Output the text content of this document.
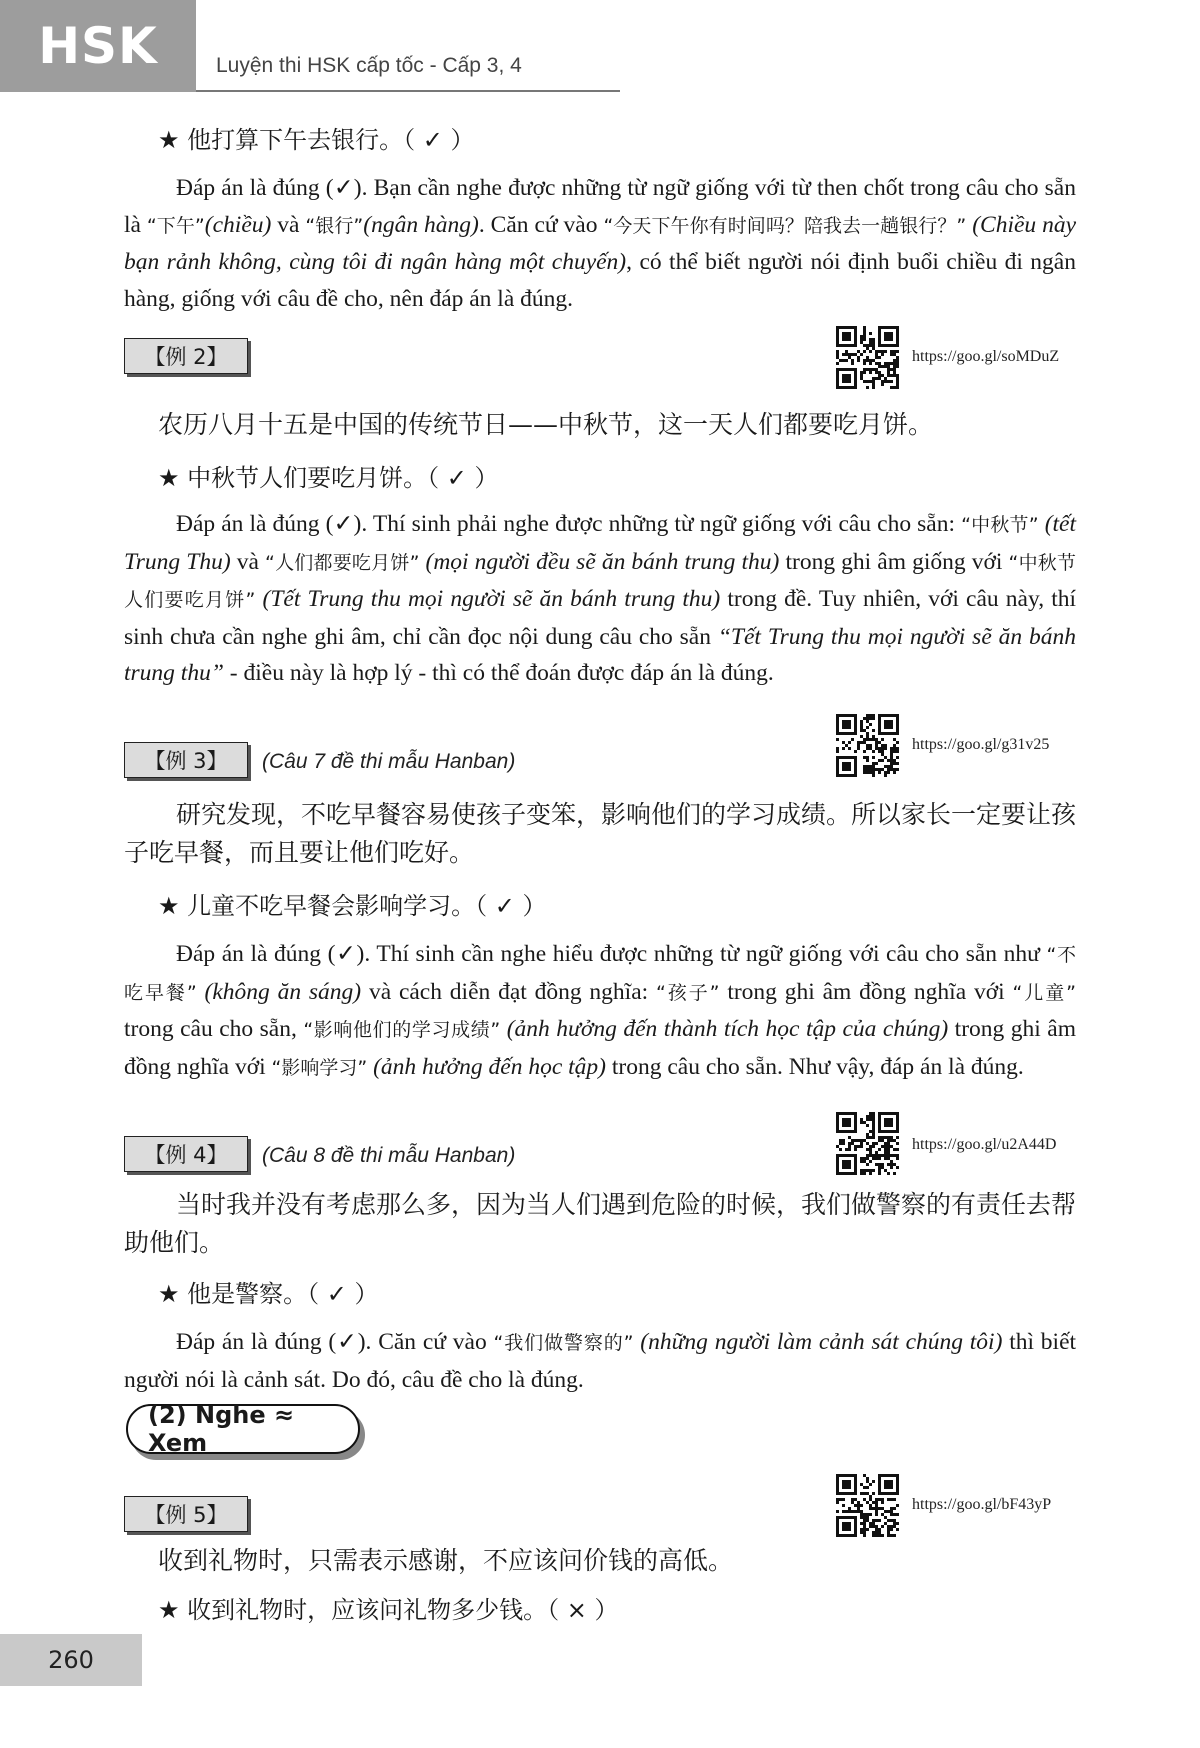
HSK	Luyện thi HSK cấp tốc - Cấp 3, 4
★ 他打算下午去银行。（ ✓ ）
Đáp án là đúng (✓). Bạn cần nghe được những từ ngữ giống với từ then chốt trong câu cho sẵn là “下午”(chiều) và “银行”(ngân hàng). Căn cứ vào “今天下午你有时间吗？陪我去一趟银行？” (Chiều này bạn rảnh không, cùng tôi đi ngân hàng một chuyến), có thể biết người nói định buổi chiều đi ngân hàng, giống với câu đề cho, nên đáp án là đúng.
【例 2】	https://goo.gl/soMDuZ
农历八月十五是中国的传统节日——中秋节，这一天人们都要吃月饼。
★ 中秋节人们要吃月饼。（ ✓ ）
Đáp án là đúng (✓). Thí sinh phải nghe được những từ ngữ giống với câu cho sẵn: “中秋节” (tết Trung Thu) và “人们都要吃月饼” (mọi người đều sẽ ăn bánh trung thu) trong ghi âm giống với “中秋节人们要吃月饼” (Tết Trung thu mọi người sẽ ăn bánh trung thu) trong đề. Tuy nhiên, với câu này, thí sinh chưa cần nghe ghi âm, chỉ cần đọc nội dung câu cho sẵn “Tết Trung thu mọi người sẽ ăn bánh trung thu” - điều này là hợp lý - thì có thể đoán được đáp án là đúng.
【例 3】	(Câu 7 đề thi mẫu Hanban)
https://goo.gl/g31v25
研究发现，不吃早餐容易使孩子变笨，影响他们的学习成绩。所以家长一定要让孩子吃早餐，而且要让他们吃好。
★ 儿童不吃早餐会影响学习。（ ✓ ）
Đáp án là đúng (✓). Thí sinh cần nghe hiểu được những từ ngữ giống với câu cho sẵn như “不吃早餐” (không ăn sáng) và cách diễn đạt đồng nghĩa: “孩子” trong ghi âm đồng nghĩa với “儿童” trong câu cho sẵn, “影响他们的学习成绩” (ảnh hưởng đến thành tích học tập của chúng) trong ghi âm đồng nghĩa với “影响学习” (ảnh hưởng đến học tập) trong câu cho sẵn. Như vậy, đáp án là đúng.
【例 4】	(Câu 8 đề thi mẫu Hanban)	https://goo.gl/u2A44D
当时我并没有考虑那么多，因为当人们遇到危险的时候，我们做警察的有责任去帮助他们。
★ 他是警察。（ ✓ ）
Đáp án là đúng (✓). Căn cứ vào “我们做警察的” (những người làm cảnh sát chúng tôi) thì biết người nói là cảnh sát. Do đó, câu đề cho là đúng.
(2) Nghe ≈ Xem
【例 5】	https://goo.gl/bF43yP
收到礼物时，只需表示感谢，不应该问价钱的高低。
★ 收到礼物时，应该问礼物多少钱。（ × ）
260
